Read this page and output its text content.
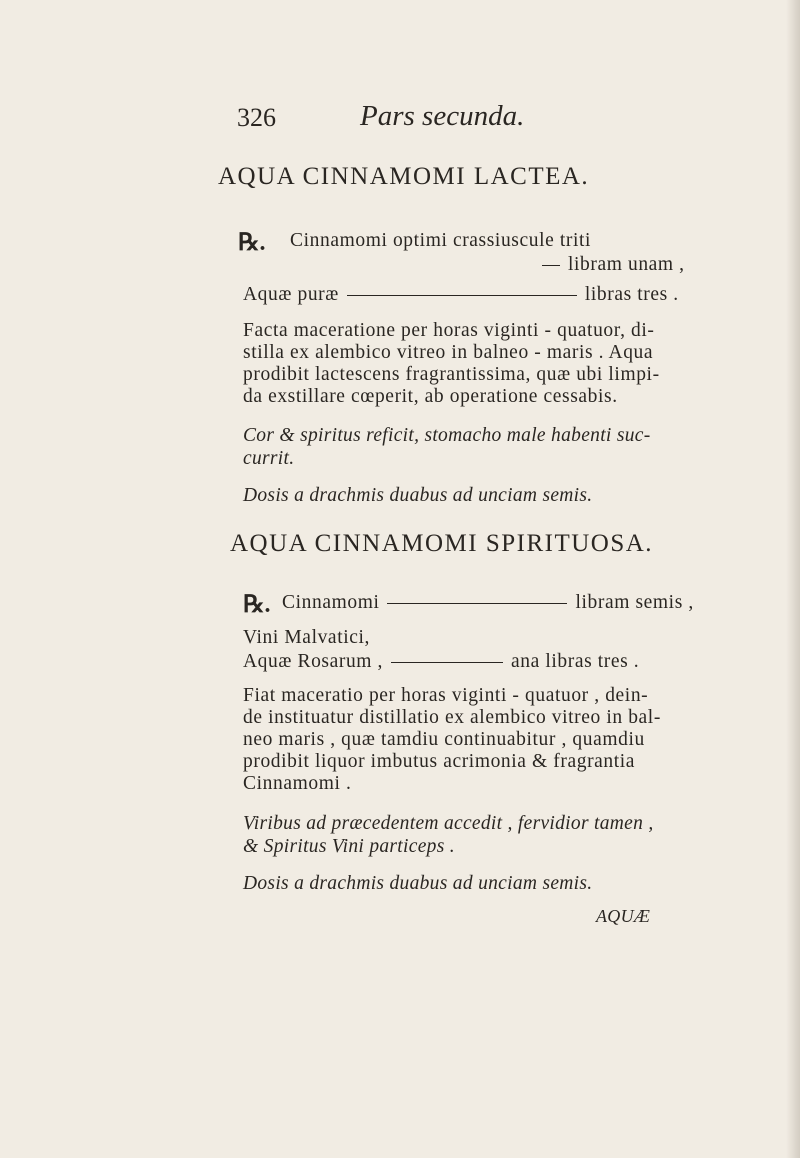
326	Pars secunda.
AQUA CINNAMOMI LACTEA.
℞. Cinnamomi optimi crassiuscule triti
libram unam ,
Aquæ puræ	libras tres .
Facta maceratione per horas viginti - quatuor, di-
stilla ex alembico vitreo in balneo - maris . Aqua
prodibit lactescens fragrantissima, quæ ubi limpi-
da exstillare cœperit, ab operatione cessabis.
Cor & spiritus reficit, stomacho male habenti suc-
currit.
Dosis a drachmis duabus ad unciam semis.
AQUA CINNAMOMI SPIRITUOSA.
℞. Cinnamomi	libram semis ,
Vini Malvatici,
Aquæ Rosarum ,	ana libras tres .
Fiat maceratio per horas viginti - quatuor , dein-
de instituatur distillatio ex alembico vitreo in bal-
neo maris , quæ tamdiu continuabitur , quamdiu
prodibit liquor imbutus acrimonia & fragrantia
Cinnamomi .
Viribus ad præcedentem accedit , fervidior tamen ,
& Spiritus Vini particeps .
Dosis a drachmis duabus ad unciam semis.
AQUÆ
